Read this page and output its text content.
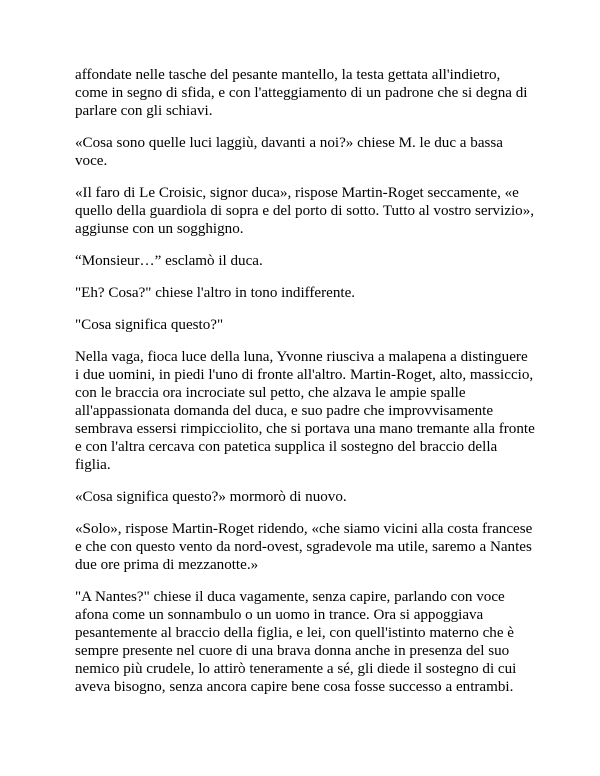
affondate nelle tasche del pesante mantello, la testa gettata all'indietro, come in segno di sfida, e con l'atteggiamento di un padrone che si degna di parlare con gli schiavi.

«Cosa sono quelle luci laggiù, davanti a noi?» chiese M. le duc a bassa voce.

«Il faro di Le Croisic, signor duca», rispose Martin-Roget seccamente, «e quello della guardiola di sopra e del porto di sotto. Tutto al vostro servizio», aggiunse con un sogghigno.

“Monsieur…” esclamò il duca.

"Eh? Cosa?" chiese l'altro in tono indifferente.

"Cosa significa questo?"

Nella vaga, fioca luce della luna, Yvonne riusciva a malapena a distinguere i due uomini, in piedi l'uno di fronte all'altro. Martin-Roget, alto, massiccio, con le braccia ora incrociate sul petto, che alzava le ampie spalle all'appassionata domanda del duca, e suo padre che improvvisamente sembrava essersi rimpicciolito, che si portava una mano tremante alla fronte e con l'altra cercava con patetica supplica il sostegno del braccio della figlia.

«Cosa significa questo?» mormorò di nuovo.

«Solo», rispose Martin-Roget ridendo, «che siamo vicini alla costa francese e che con questo vento da nord-ovest, sgradevole ma utile, saremo a Nantes due ore prima di mezzanotte.»

"A Nantes?" chiese il duca vagamente, senza capire, parlando con voce afona come un sonnambulo o un uomo in trance. Ora si appoggiava pesantemente al braccio della figlia, e lei, con quell'istinto materno che è sempre presente nel cuore di una brava donna anche in presenza del suo nemico più crudele, lo attirò teneramente a sé, gli diede il sostegno di cui aveva bisogno, senza ancora capire bene cosa fosse successo a entrambi.
